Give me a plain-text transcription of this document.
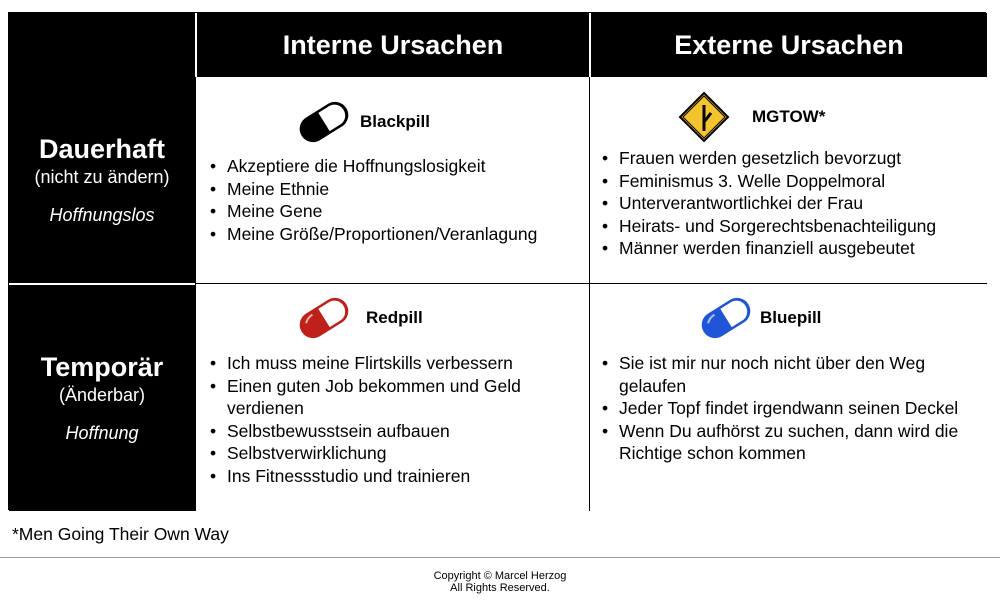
Interne Ursachen	Externe Ursachen
Dauerhaft
(nicht zu ändern)
Hoffnungslos
Blackpill
• Akzeptiere die Hoffnungslosigkeit
• Meine Ethnie
• Meine Gene
• Meine Größe/Proportionen/Veranlagung
MGTOW*
• Frauen werden gesetzlich bevorzugt
• Feminismus 3. Welle Doppelmoral
• Unterverantwortlichkei der Frau
• Heirats- und Sorgerechtsbenachteiligung
• Männer werden finanziell ausgebeutet
Temporär
(Änderbar)
Hoffnung
Redpill
• Ich muss meine Flirtskills verbessern
• Einen guten Job bekommen und Geld verdienen
• Selbstbewusstsein aufbauen
• Selbstverwirklichung
• Ins Fitnessstudio und trainieren
Bluepill
• Sie ist mir nur noch nicht über den Weg gelaufen
• Jeder Topf findet irgendwann seinen Deckel
• Wenn Du aufhörst zu suchen, dann wird die Richtige schon kommen
*Men Going Their Own Way
Copyright © Marcel Herzog
All Rights Reserved.
